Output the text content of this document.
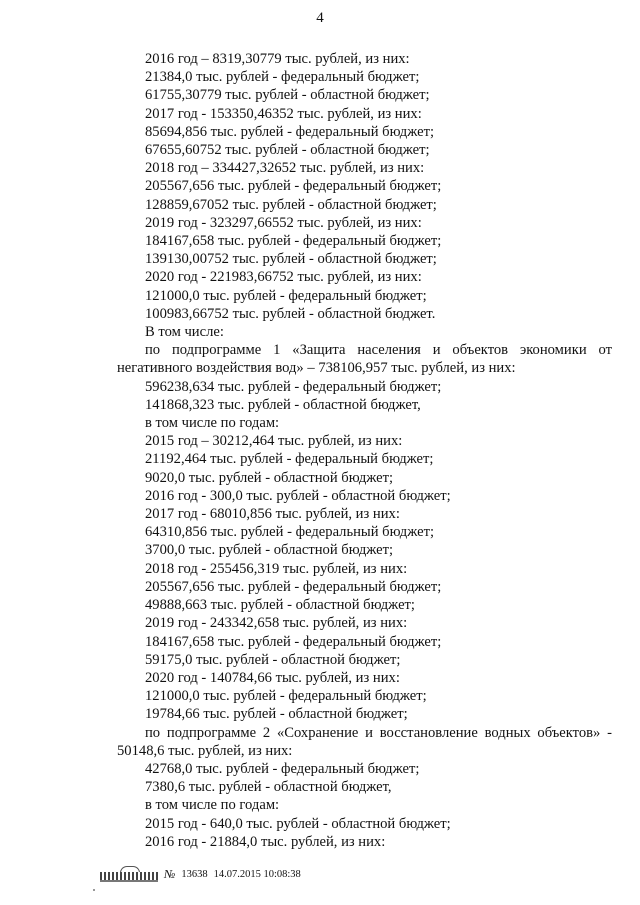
4
2016 год – 8319,30779 тыс. рублей, из них:
21384,0 тыс. рублей - федеральный бюджет;
61755,30779 тыс. рублей - областной бюджет;
2017 год - 153350,46352 тыс. рублей, из них:
85694,856 тыс. рублей - федеральный бюджет;
67655,60752 тыс. рублей - областной бюджет;
2018 год – 334427,32652 тыс. рублей, из них:
205567,656 тыс. рублей - федеральный бюджет;
128859,67052 тыс. рублей - областной бюджет;
2019 год - 323297,66552 тыс. рублей, из них:
184167,658 тыс. рублей - федеральный бюджет;
139130,00752 тыс. рублей - областной бюджет;
2020 год - 221983,66752 тыс. рублей, из них:
121000,0 тыс. рублей - федеральный бюджет;
100983,66752 тыс. рублей - областной бюджет.
В том числе:
по подпрограмме 1 «Защита населения и объектов экономики от
негативного воздействия вод» – 738106,957 тыс. рублей, из них:
596238,634 тыс. рублей - федеральный бюджет;
141868,323 тыс. рублей - областной бюджет,
в том числе по годам:
2015 год – 30212,464 тыс. рублей, из них:
21192,464 тыс. рублей - федеральный бюджет;
9020,0 тыс. рублей - областной бюджет;
2016 год - 300,0 тыс. рублей - областной бюджет;
2017 год - 68010,856 тыс. рублей, из них:
64310,856 тыс. рублей - федеральный бюджет;
3700,0 тыс. рублей - областной бюджет;
2018 год - 255456,319 тыс. рублей, из них:
205567,656 тыс. рублей - федеральный бюджет;
49888,663 тыс. рублей - областной бюджет;
2019 год - 243342,658 тыс. рублей, из них:
184167,658 тыс. рублей - федеральный бюджет;
59175,0 тыс. рублей - областной бюджет;
2020 год - 140784,66 тыс. рублей, из них:
121000,0 тыс. рублей - федеральный бюджет;
19784,66 тыс. рублей - областной бюджет;
по подпрограмме 2 «Сохранение и восстановление водных объектов» -
50148,6 тыс. рублей, из них:
42768,0 тыс. рублей - федеральный бюджет;
7380,6 тыс. рублей - областной бюджет,
в том числе по годам:
2015 год - 640,0 тыс. рублей - областной бюджет;
2016 год - 21884,0 тыс. рублей, из них:
№ 13638 14.07.2015 10:08:38
